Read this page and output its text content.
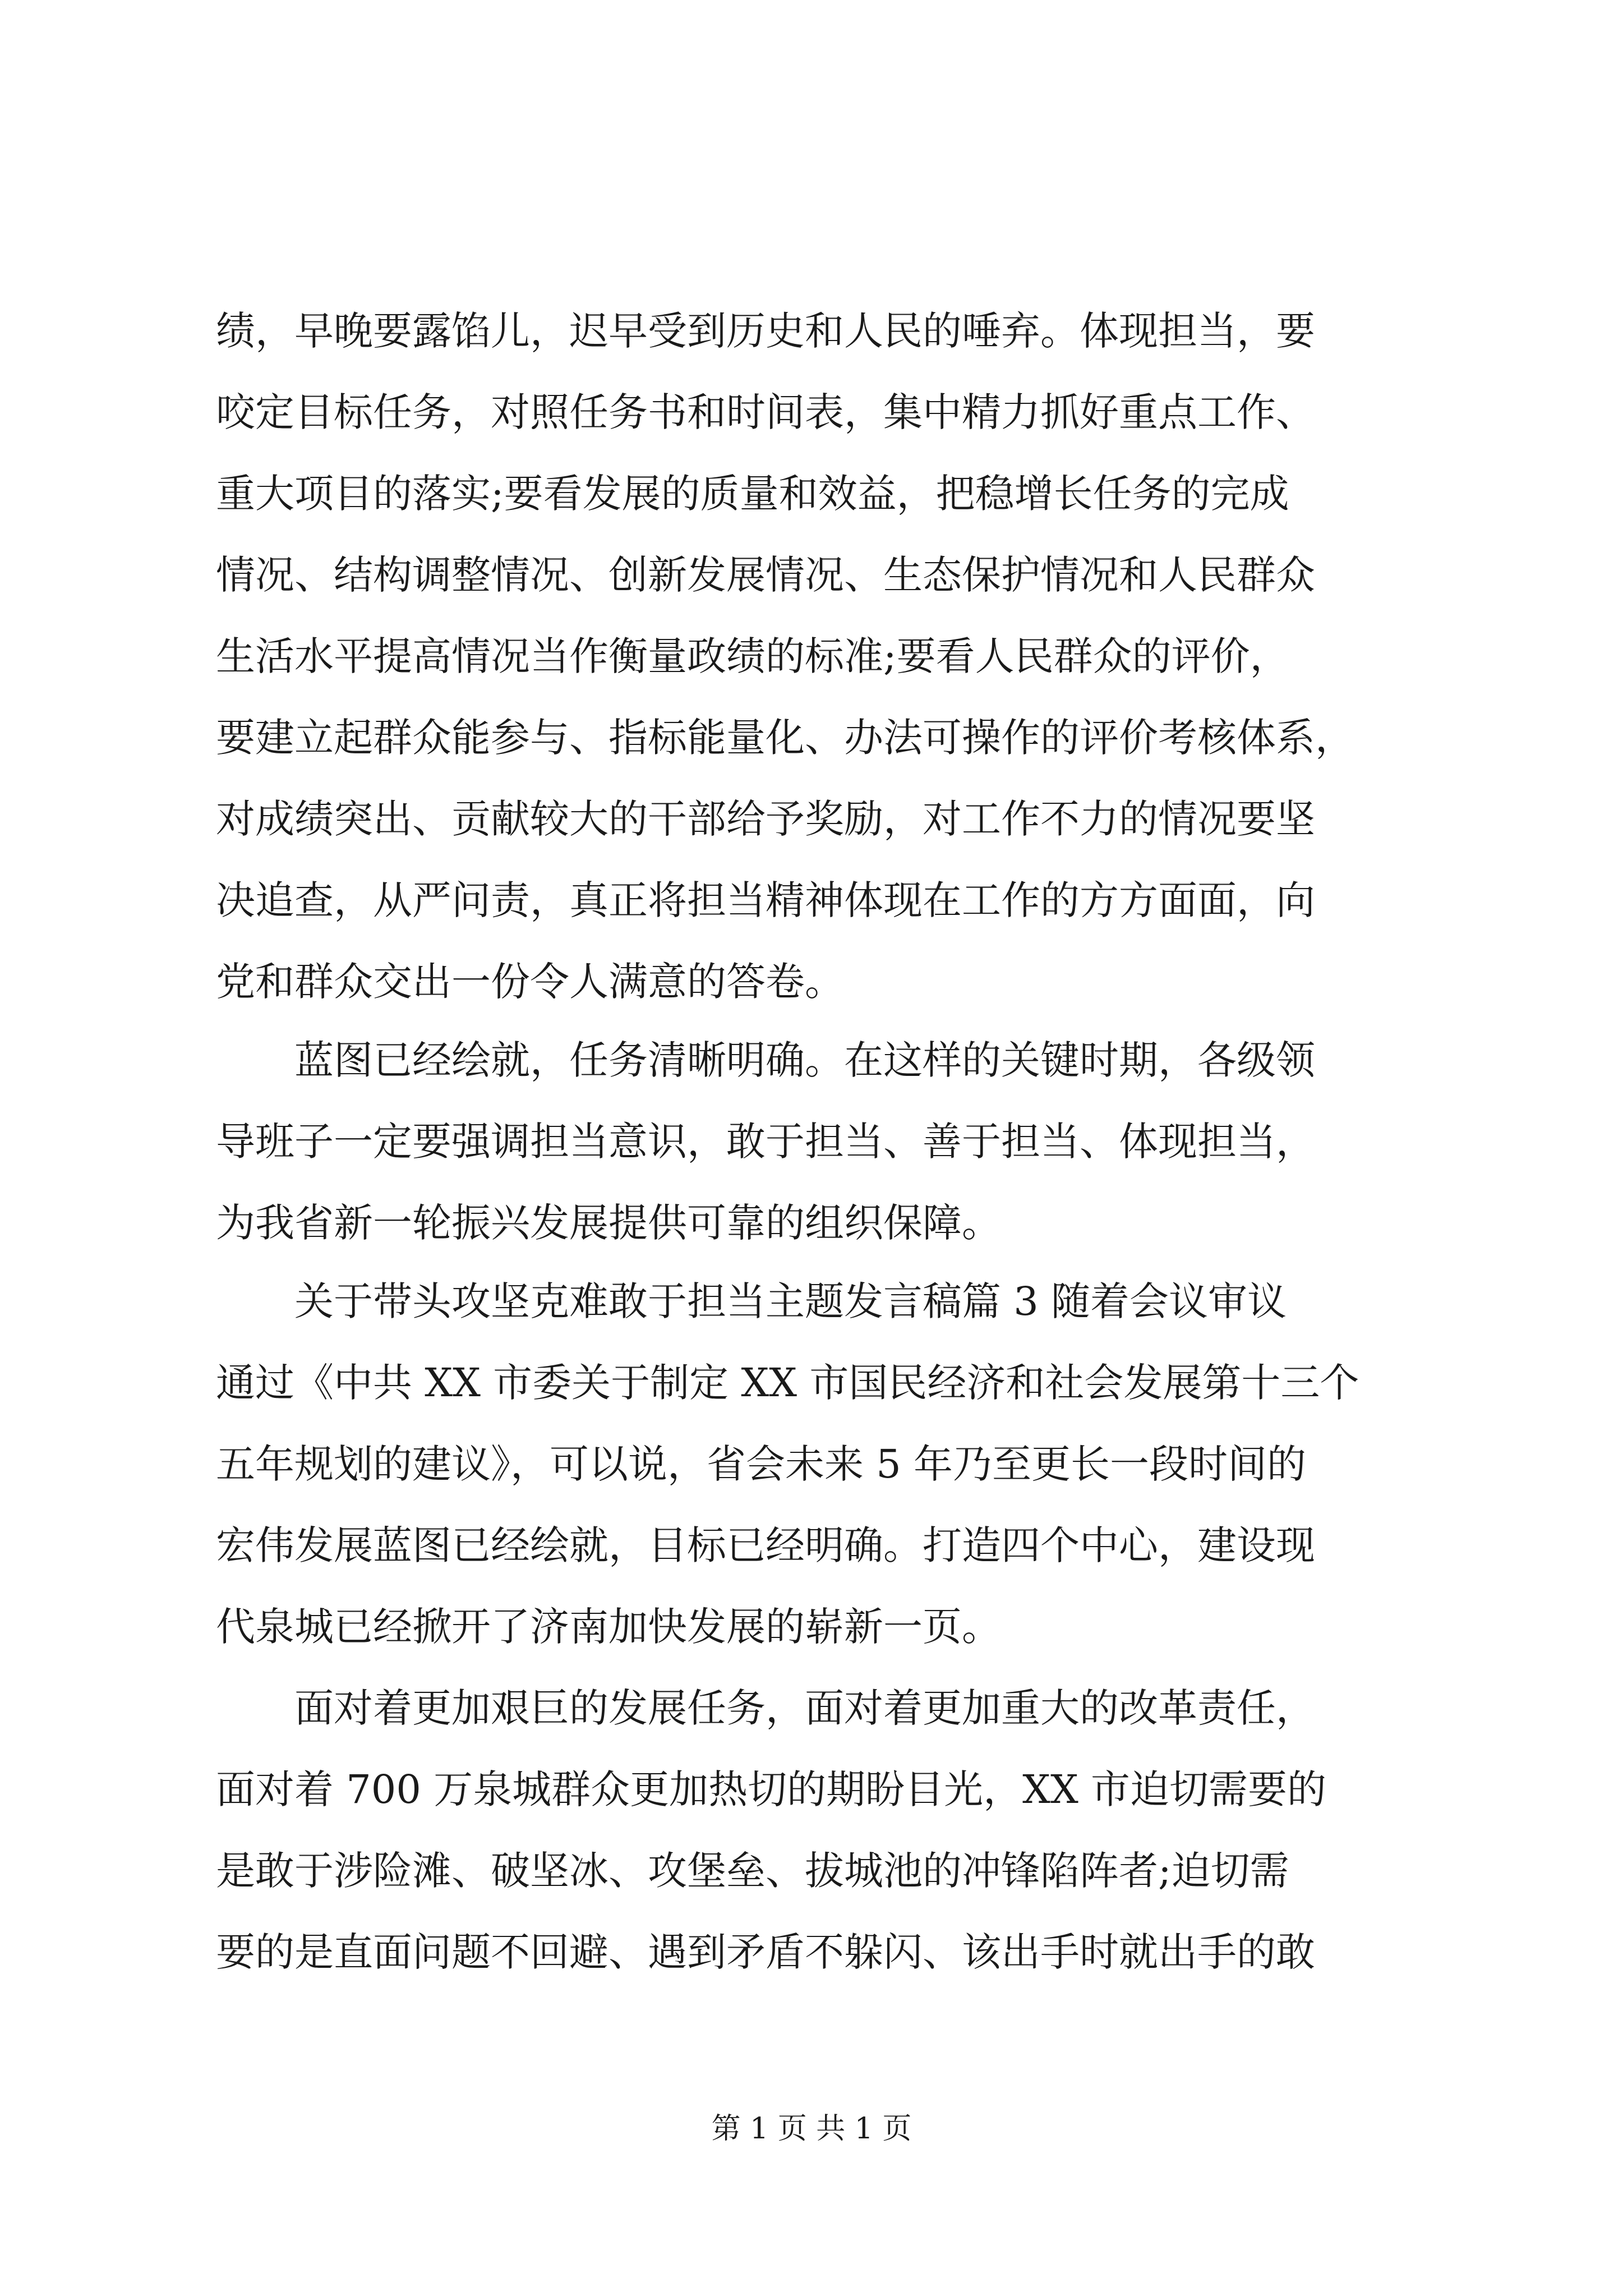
绩，早晚要露馅儿，迟早受到历史和人民的唾弃。体现担当，要

咬定目标任务，对照任务书和时间表，集中精力抓好重点工作、

重大项目的落实;要看发展的质量和效益，把稳增长任务的完成

情况、结构调整情况、创新发展情况、生态保护情况和人民群众

生活水平提高情况当作衡量政绩的标准;要看人民群众的评价，

要建立起群众能参与、指标能量化、办法可操作的评价考核体系，

对成绩突出、贡献较大的干部给予奖励，对工作不力的情况要坚

决追查，从严问责，真正将担当精神体现在工作的方方面面，向

党和群众交出一份令人满意的答卷。

蓝图已经绘就，任务清晰明确。在这样的关键时期，各级领

导班子一定要强调担当意识，敢于担当、善于担当、体现担当，

为我省新一轮振兴发展提供可靠的组织保障。

关于带头攻坚克难敢于担当主题发言稿篇 3 随着会议审议

通过《中共 XX 市委关于制定 XX 市国民经济和社会发展第十三个

五年规划的建议》，可以说，省会未来 5 年乃至更长一段时间的

宏伟发展蓝图已经绘就，目标已经明确。打造四个中心，建设现

代泉城已经掀开了济南加快发展的崭新一页。

面对着更加艰巨的发展任务，面对着更加重大的改革责任，

面对着 700 万泉城群众更加热切的期盼目光，XX 市迫切需要的

是敢于涉险滩、破坚冰、攻堡垒、拔城池的冲锋陷阵者;迫切需

要的是直面问题不回避、遇到矛盾不躲闪、该出手时就出手的敢

第 1 页 共 1 页
